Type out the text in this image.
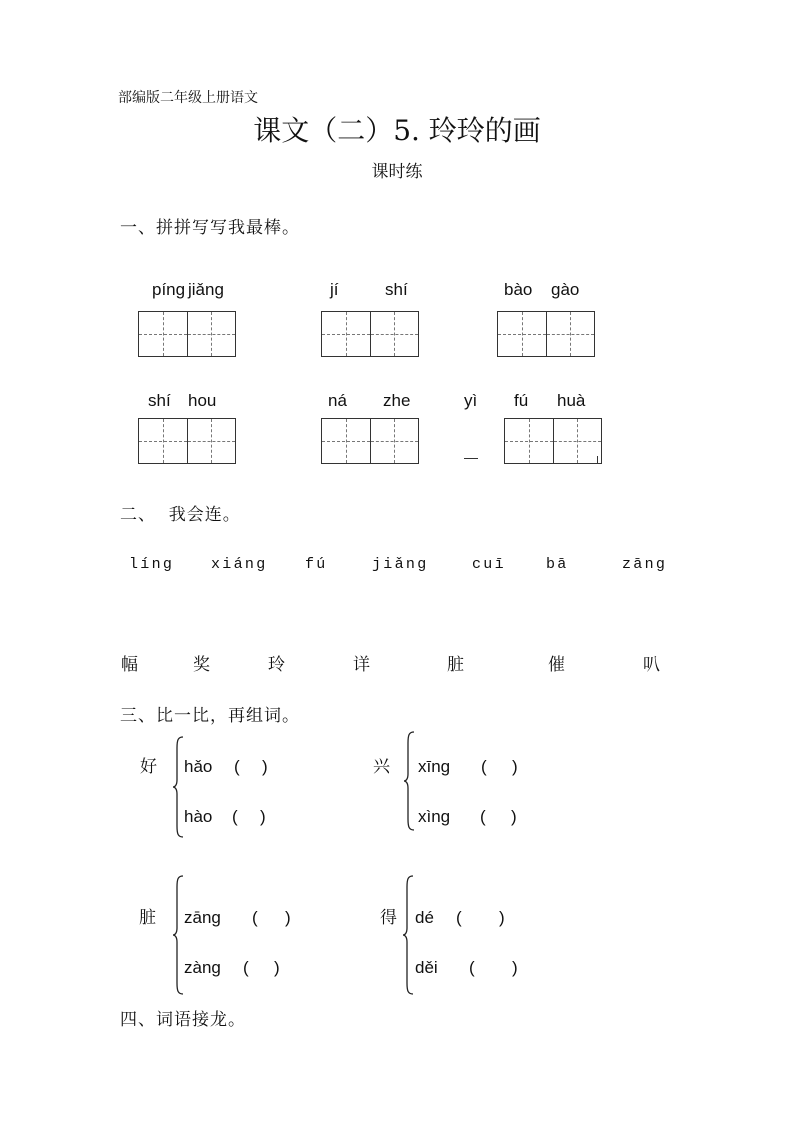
部编版二年级上册语文
课文（二）5. 玲玲的画
课时练
一、拼拼写写我最棒。
píng jiǎng	jí	shí	bào gào
shí hou	ná zhe	yì fú huà
二、  我会连。
líng xiáng fú	jiǎng	cuī	bā	zāng
幅	奖	玲	详	脏	催	叭
三、比一比，再组词。
好 hǎo ( )
hào ( )
兴 xīng ( )
xìng ( )
脏 zāng ( )
zàng ( )
得 dé ( )
děi ( )
四、词语接龙。
